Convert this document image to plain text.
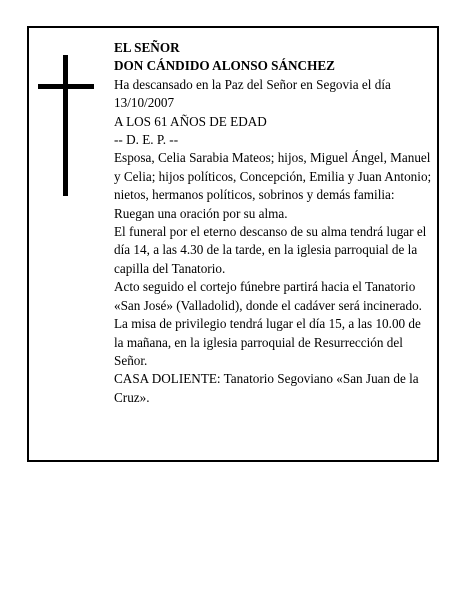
EL SEÑOR

DON CÁNDIDO ALONSO SÁNCHEZ

Ha descansado en la Paz del Señor en Segovia el día 13/10/2007

A LOS 61 AÑOS DE EDAD

-- D. E. P. --

Esposa, Celia Sarabia Mateos; hijos, Miguel Ángel, Manuel y Celia; hijos políticos, Concepción, Emilia y Juan Antonio; nietos, hermanos políticos, sobrinos y demás familia:

Ruegan una oración por su alma.

El funeral por el eterno descanso de su alma tendrá lugar el día 14, a las 4.30 de la tarde, en la iglesia parroquial de la capilla del Tanatorio.

Acto seguido el cortejo fúnebre partirá hacia el Tanatorio «San José» (Valladolid), donde el cadáver será incinerado.

La misa de privilegio tendrá lugar el día 15, a las 10.00 de la mañana, en la iglesia parroquial de Resurrección del Señor.

CASA DOLIENTE: Tanatorio Segoviano «San Juan de la Cruz».
